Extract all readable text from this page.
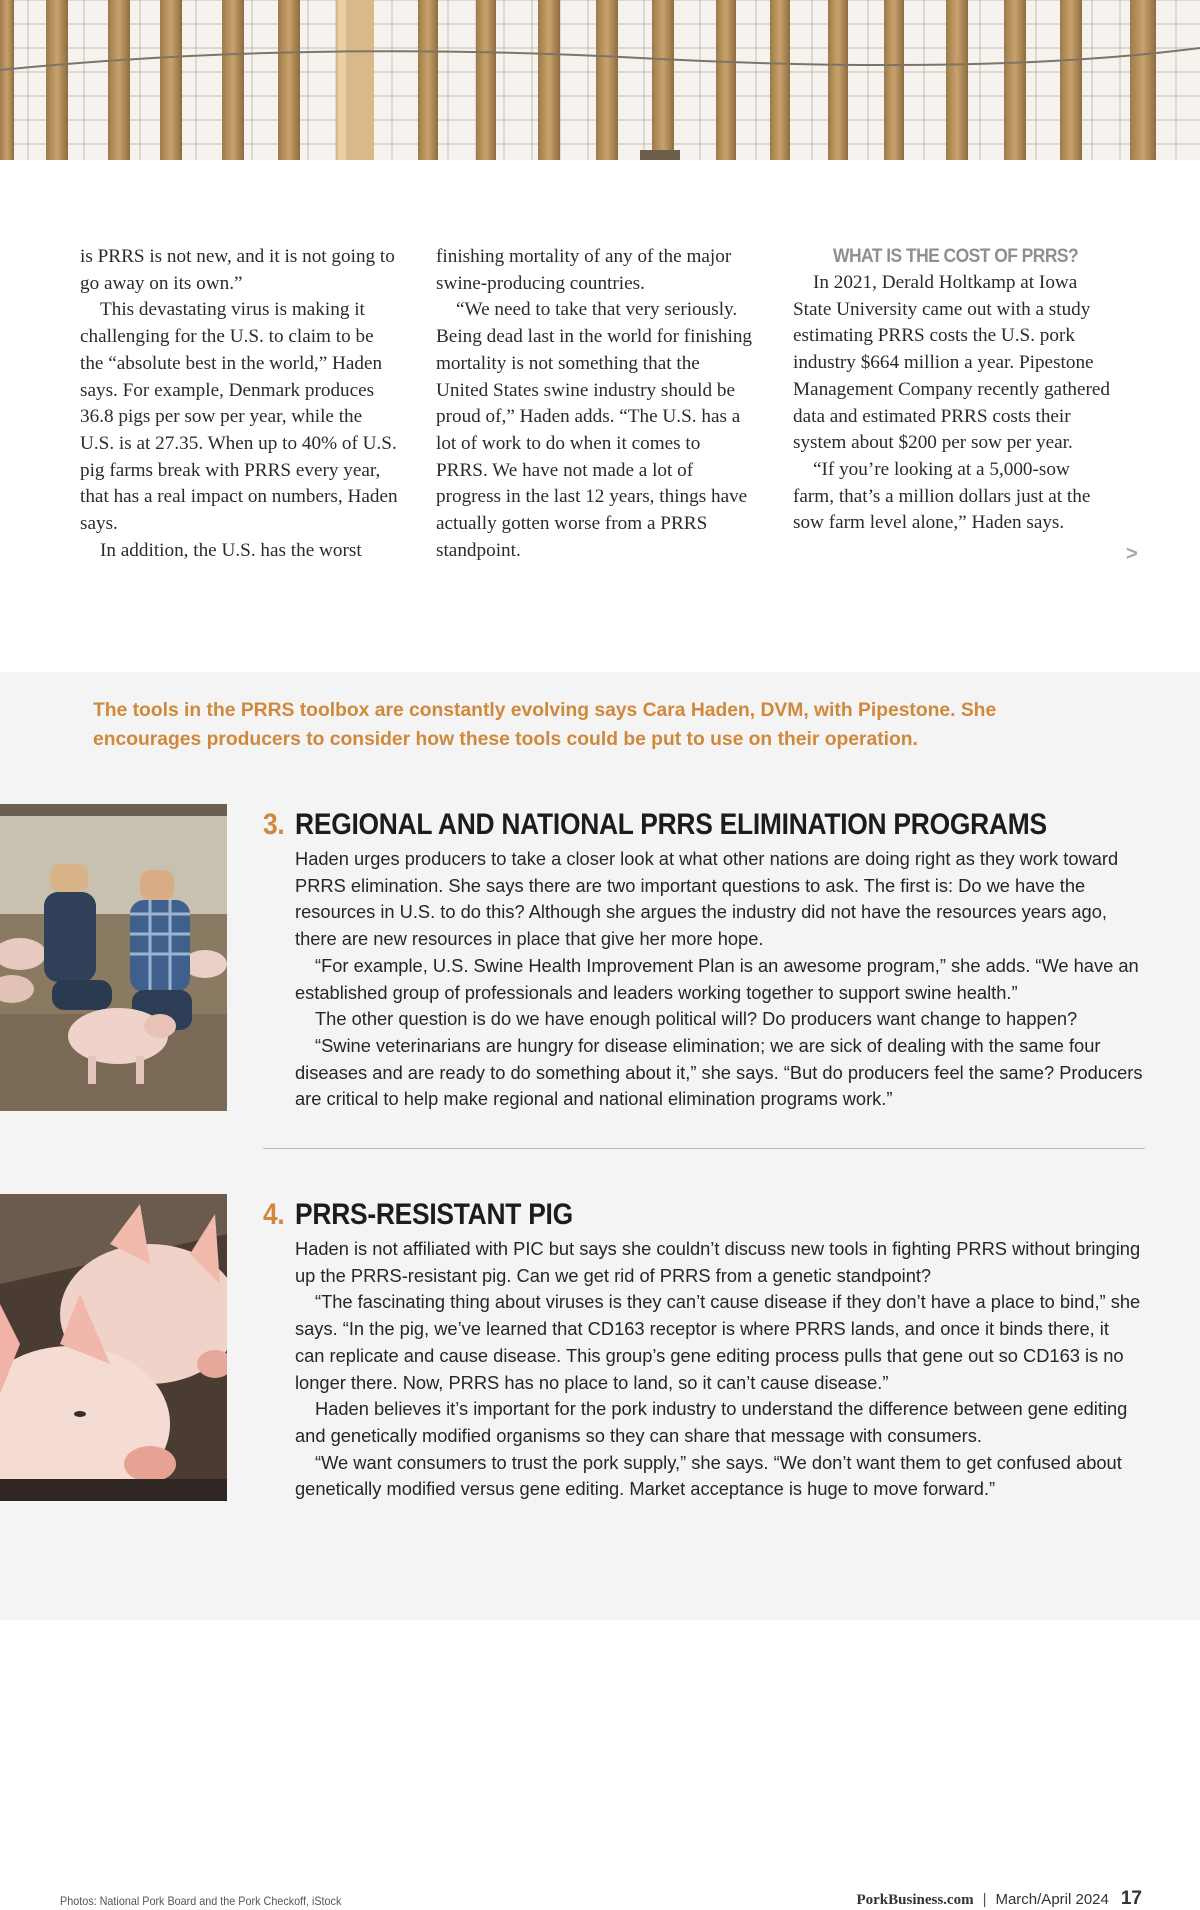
is PRRS is not new, and it is not going to go away on its own.”

This devastating virus is making it challenging for the U.S. to claim to be the “absolute best in the world,” Haden says. For example, Denmark produces 36.8 pigs per sow per year, while the U.S. is at 27.35. When up to 40% of U.S. pig farms break with PRRS every year, that has a real impact on numbers, Haden says.

In addition, the U.S. has the worst

finishing mortality of any of the major swine-producing countries.

“We need to take that very seriously. Being dead last in the world for finishing mortality is not something that the United States swine industry should be proud of,” Haden adds. “The U.S. has a lot of work to do when it comes to PRRS. We have not made a lot of progress in the last 12 years, things have actually gotten worse from a PRRS standpoint.

WHAT IS THE COST OF PRRS?

In 2021, Derald Holtkamp at Iowa State University came out with a study estimating PRRS costs the U.S. pork industry $664 million a year. Pipestone Management Company recently gathered data and estimated PRRS costs their system about $200 per sow per year.

“If you’re looking at a 5,000-sow farm, that’s a million dollars just at the sow farm level alone,” Haden says.

>

The tools in the PRRS toolbox are constantly evolving says Cara Haden, DVM, with Pipestone. She encourages producers to consider how these tools could be put to use on their operation.

3. REGIONAL AND NATIONAL PRRS ELIMINATION PROGRAMS

Haden urges producers to take a closer look at what other nations are doing right as they work toward PRRS elimination. She says there are two important questions to ask. The first is: Do we have the resources in U.S. to do this? Although she argues the industry did not have the resources years ago, there are new resources in place that give her more hope.

“For example, U.S. Swine Health Improvement Plan is an awesome program,” she adds. “We have an established group of professionals and leaders working together to support swine health.”

The other question is do we have enough political will? Do producers want change to happen?

“Swine veterinarians are hungry for disease elimination; we are sick of dealing with the same four diseases and are ready to do something about it,” she says. “But do producers feel the same? Producers are critical to help make regional and national elimination programs work.”

4. PRRS-RESISTANT PIG

Haden is not affiliated with PIC but says she couldn’t discuss new tools in fighting PRRS without bringing up the PRRS-resistant pig. Can we get rid of PRRS from a genetic standpoint?

“The fascinating thing about viruses is they can’t cause disease if they don’t have a place to bind,” she says. “In the pig, we’ve learned that CD163 receptor is where PRRS lands, and once it binds there, it can replicate and cause disease. This group’s gene editing process pulls that gene out so CD163 is no longer there. Now, PRRS has no place to land, so it can’t cause disease.”

Haden believes it’s important for the pork industry to understand the difference between gene editing and genetically modified organisms so they can share that message with consumers.

“We want consumers to trust the pork supply,” she says. “We don’t want them to get confused about genetically modified versus gene editing. Market acceptance is huge to move forward.”

Photos: National Pork Board and the Pork Checkoff, iStock	PorkBusiness.com | March/April 2024 17
